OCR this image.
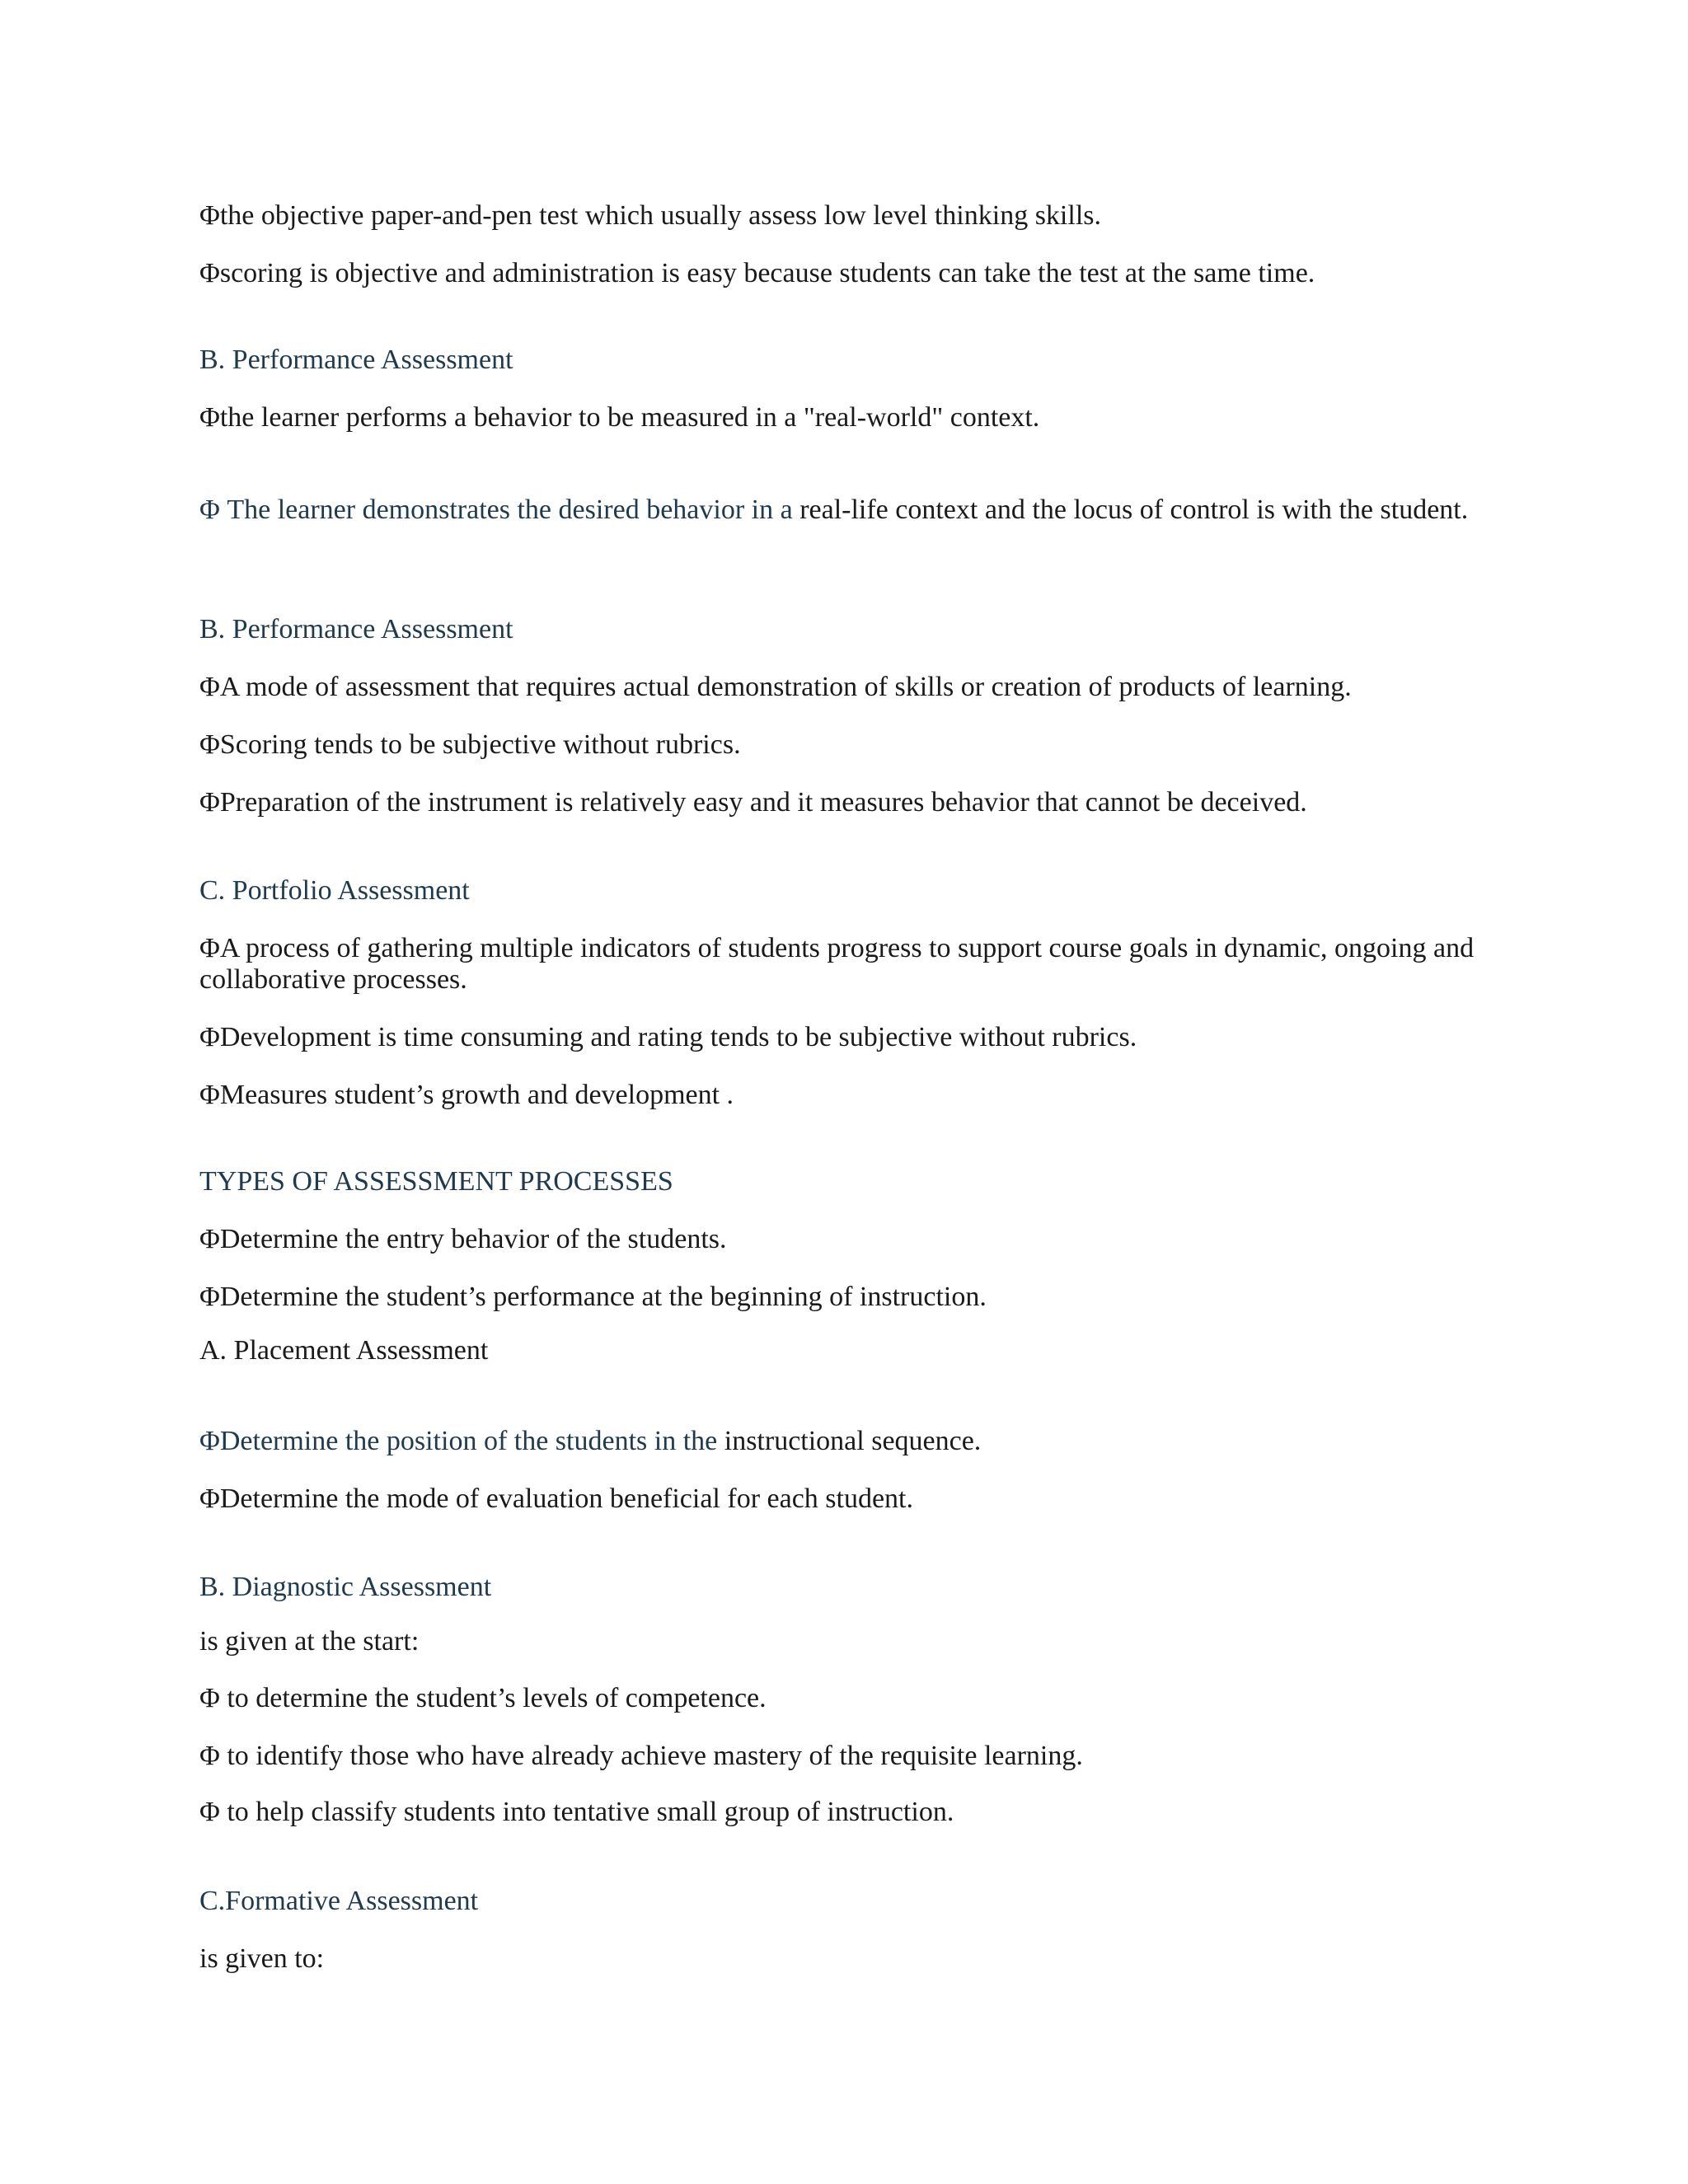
Φthe objective paper-and-pen test which usually assess low level thinking skills.

Φscoring is objective and administration is easy because students can take the test at the same time.

B. Performance Assessment

Φthe learner performs a behavior to be measured in a "real-world" context.

Φ The learner demonstrates the desired behavior in a real-life context and the locus of control is with the student.

B. Performance Assessment

ΦA mode of assessment that requires actual demonstration of skills or creation of products of learning.

ΦScoring tends to be subjective without rubrics.

ΦPreparation of the instrument is relatively easy and it measures behavior that cannot be deceived.

C. Portfolio Assessment

ΦA process of gathering multiple indicators of students progress to support course goals in dynamic, ongoing and collaborative processes.

ΦDevelopment is time consuming and rating tends to be subjective without rubrics.

ΦMeasures student’s growth and development .

TYPES OF ASSESSMENT PROCESSES

ΦDetermine the entry behavior of the students.

ΦDetermine the student’s performance at the beginning of instruction.

A. Placement Assessment

ΦDetermine the position of the students in the instructional sequence.

ΦDetermine the mode of evaluation beneficial for each student.

B. Diagnostic Assessment

is given at the start:

Φ to determine the student’s levels of competence.

Φ to identify those who have already achieve mastery of the requisite learning.

Φ to help classify students into tentative small group of instruction.

C.Formative Assessment

is given to:
